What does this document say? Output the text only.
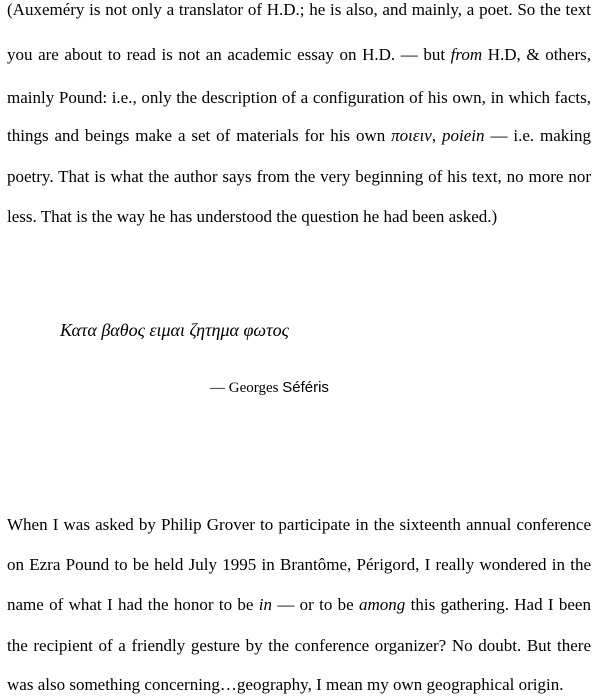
(Auxeméry is not only a translator of H.D.; he is also, and mainly, a poet. So the text
you are about to read is not an academic essay on H.D. — but from H.D, & others,
mainly Pound: i.e., only the description of a configuration of his own, in which facts,
things and beings make a set of materials for his own ποιειν, poiein — i.e. making
poetry. That is what the author says from the very beginning of his text, no more nor
less. That is the way he has understood the question he had been asked.)
Κατα βαθος ειμαι ζητημα φωτος
— Georges Séféris
When I was asked by Philip Grover to participate in the sixteenth annual conference
on Ezra Pound to be held July 1995 in Brantôme, Périgord, I really wondered in the
name of what I had the honor to be in — or to be among this gathering. Had I been
the recipient of a friendly gesture by the conference organizer? No doubt. But there
was also something concerning…geography, I mean my own geographical origin.
